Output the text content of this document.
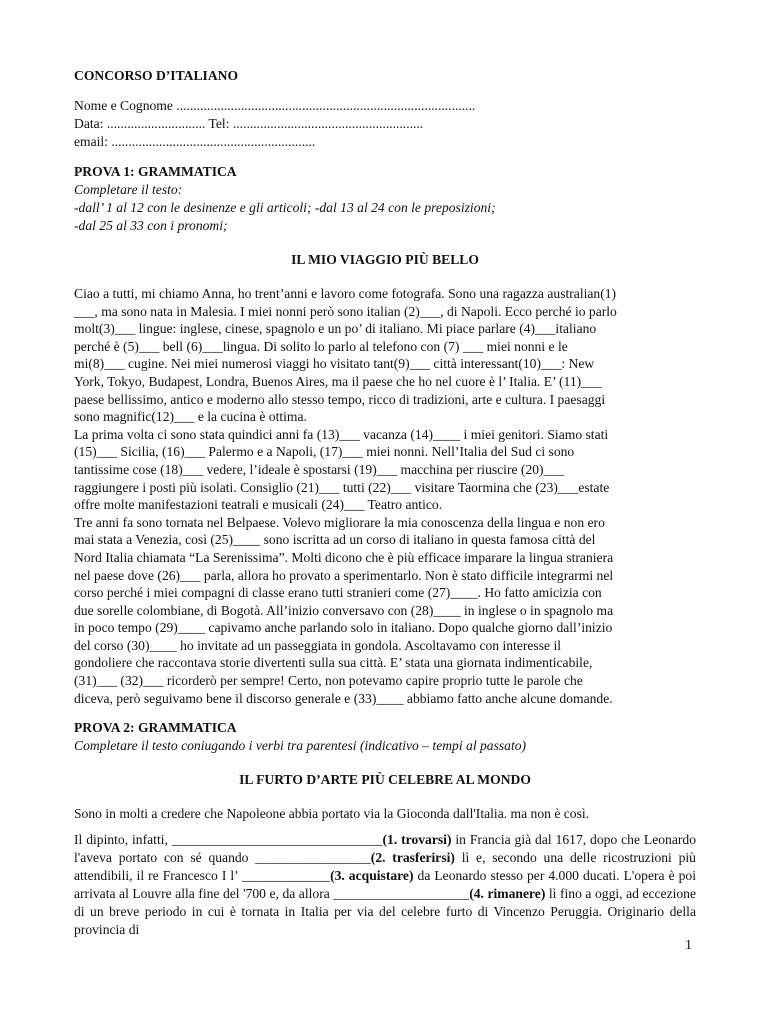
CONCORSO D’ITALIANO

Nome e Cognome ........................................................................................

Data: ............................. Tel: ........................................................

email: ............................................................

PROVA 1: GRAMMATICA

Completare il testo:

-dall’ 1 al 12 con le desinenze e gli articoli; -dal 13 al 24 con le preposizioni;

-dal 25 al 33 con i pronomi;

IL MIO VIAGGIO PIÙ BELLO

Ciao a tutti, mi chiamo Anna, ho trent’anni e lavoro come fotografa. Sono una ragazza australian(1)

___, ma sono nata in Malesia. I miei nonni però sono italian (2)___, di Napoli. Ecco perché io parlo

molt(3)___ lingue: inglese, cinese, spagnolo e un po’ di italiano. Mi piace parlare (4)___italiano

perché è (5)___ bell (6)___lingua. Di solito lo parlo al telefono con (7) ___ miei nonni e le

mi(8)___ cugine. Nei miei numerosi viaggi ho visitato tant(9)___ città interessant(10)___: New

York, Tokyo, Budapest, Londra, Buenos Aires, ma il paese che ho nel cuore è l’ Italia. E’ (11)___

paese bellissimo, antico e moderno allo stesso tempo, ricco di tradizioni, arte e cultura. I paesaggi

sono magnific(12)___ e la cucina è ottima.

La prima volta ci sono stata quindici anni fa (13)___ vacanza (14)____ i miei genitori. Siamo stati

(15)___ Sicilia, (16)___ Palermo e a Napoli, (17)___ miei nonni. Nell’Italia del Sud ci sono

tantissime cose (18)___ vedere, l’ideale è spostarsi (19)___ macchina per riuscire (20)___

raggiungere i posti più isolati. Consiglio (21)___ tutti (22)___ visitare Taormina che (23)___estate

offre molte manifestazioni teatrali e musicali (24)___ Teatro antico.

Tre anni fa sono tornata nel Belpaese. Volevo migliorare la mia conoscenza della lingua e non ero

mai stata a Venezia, così (25)____ sono iscritta ad un corso di italiano in questa famosa città del

Nord Italia chiamata “La Serenissima”. Molti dicono che è più efficace imparare la lingua straniera

nel paese dove (26)___ parla, allora ho provato a sperimentarlo. Non è stato difficile integrarmi nel

corso perché i miei compagni di classe erano tutti stranieri come (27)____. Ho fatto amicizia con

due sorelle colombiane, di Bogotà. All’inizio conversavo con (28)____ in inglese o in spagnolo ma

in poco tempo (29)____ capivamo anche parlando solo in italiano. Dopo qualche giorno dall’inizio

del corso (30)____ ho invitate ad un passeggiata in gondola. Ascoltavamo con interesse il

gondoliere che raccontava storie divertenti sulla sua città. E’ stata una giornata indimenticabile,

(31)___ (32)___ ricorderò per sempre! Certo, non potevamo capire proprio tutte le parole che

diceva, però seguivamo bene il discorso generale e (33)____ abbiamo fatto anche alcune domande.

PROVA 2: GRAMMATICA

Completare il testo coniugando i verbi tra parentesi (indicativo – tempi al passato)

IL FURTO D’ARTE PIÙ CELEBRE AL MONDO

Sono in molti a credere che Napoleone abbia portato via la Gioconda dall'Italia. ma non è così.

Il dipinto, infatti, _______________________________(1. trovarsi) in Francia già dal 1617, dopo che Leonardo l'aveva portato con sé quando _________________(2. trasferirsi) lì e, secondo una delle ricostruzioni più attendibili, il re Francesco I l’ _____________(3. acquistare) da Leonardo stesso per 4.000 ducati. L'opera è poi arrivata al Louvre alla fine del '700 e, da allora ____________________(4. rimanere) lì fino a oggi, ad eccezione di un breve periodo in cui è tornata in Italia per via del celebre furto di Vincenzo Peruggia. Originario della provincia di

1
